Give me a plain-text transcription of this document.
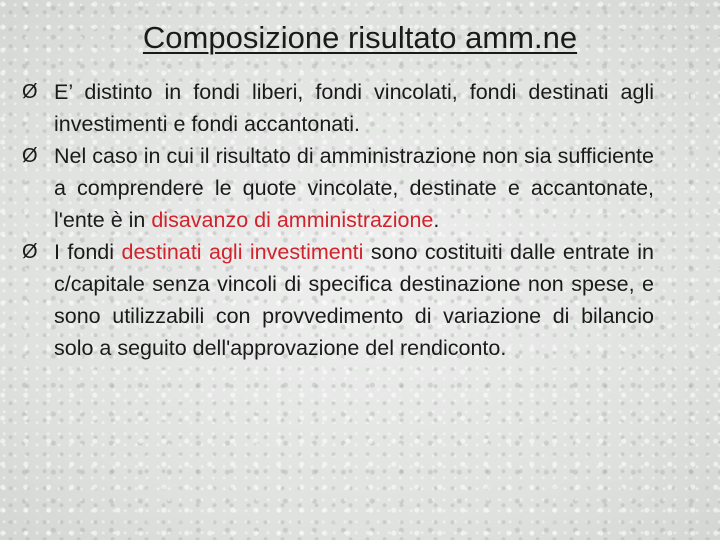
Composizione risultato amm.ne
Ø E’ distinto in fondi liberi, fondi vincolati, fondi destinati agli investimenti e fondi accantonati.
Ø Nel caso in cui il risultato di amministrazione non sia sufficiente a comprendere le quote vincolate, destinate e accantonate, l'ente è in disavanzo di amministrazione.
Ø I fondi destinati agli investimenti sono costituiti dalle entrate in c/capitale senza vincoli di specifica destinazione non spese, e sono utilizzabili con provvedimento di variazione di bilancio solo a seguito dell'approvazione del rendiconto.
